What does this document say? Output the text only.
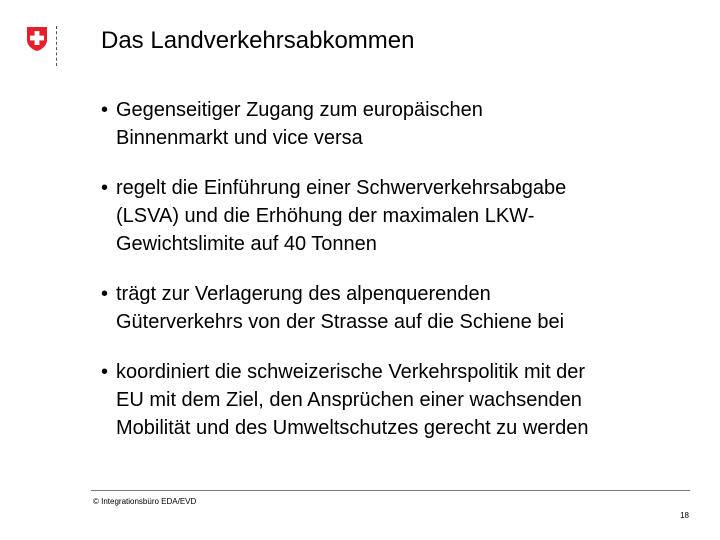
Das Landverkehrsabkommen
• Gegenseitiger Zugang zum europäischen
Binnenmarkt und vice versa
• regelt die Einführung einer Schwerverkehrsabgabe
(LSVA) und die Erhöhung der maximalen LKW-
Gewichtslimite auf 40 Tonnen
• trägt zur Verlagerung des alpenquerenden
Güterverkehrs von der Strasse auf die Schiene bei
• koordiniert die schweizerische Verkehrspolitik mit der
EU mit dem Ziel, den Ansprüchen einer wachsenden
Mobilität und des Umweltschutzes gerecht zu werden
© Integrationsbüro EDA/EVD
18
